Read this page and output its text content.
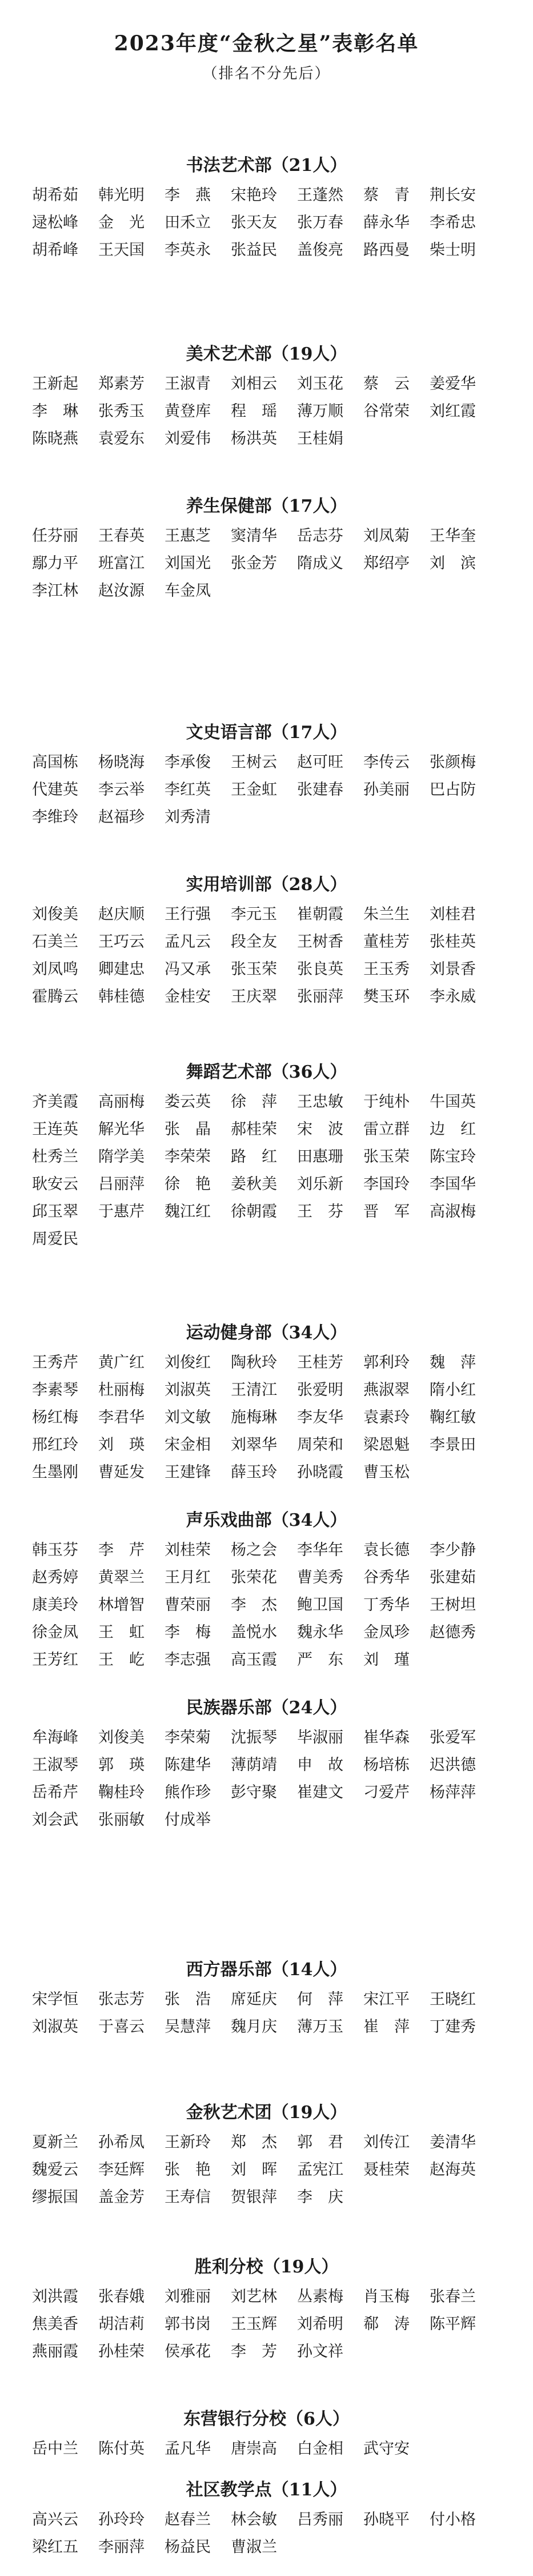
2023年度“金秋之星”表彰名单
（排名不分先后）
书法艺术部（21人）
胡希茹 韩光明 李　燕 宋艳玲 王蓬然 蔡　青 荆长安
逯松峰 金　光 田禾立 张天友 张万春 薛永华 李希忠
胡希峰 王天国 李英永 张益民 盖俊亮 路西曼 柴士明
美术艺术部（19人）
王新起 郑素芳 王淑青 刘相云 刘玉花 蔡　云 姜爱华
李　琳 张秀玉 黄登库 程　瑶 薄万顺 谷常荣 刘红霞
陈晓燕 袁爱东 刘爱伟 杨洪英 王桂娟
养生保健部（17人）
任芬丽 王春英 王惠芝 窦清华 岳志芬 刘凤菊 王华奎
鄢力平 班富江 刘国光 张金芳 隋成义 郑绍亭 刘　滨
李江林 赵汝源 车金凤
文史语言部（17人）
高国栋 杨晓海 李承俊 王树云 赵可旺 李传云 张颜梅
代建英 李云举 李红英 王金虹 张建春 孙美丽 巴占防
李维玲 赵福珍 刘秀清
实用培训部（28人）
刘俊美 赵庆顺 王行强 李元玉 崔朝霞 朱兰生 刘桂君
石美兰 王巧云 孟凡云 段全友 王树香 董桂芳 张桂英
刘凤鸣 卿建忠 冯又承 张玉荣 张良英 王玉秀 刘景香
霍腾云 韩桂德 金桂安 王庆翠 张丽萍 樊玉环 李永威
舞蹈艺术部（36人）
齐美霞 高丽梅 娄云英 徐　萍 王忠敏 于纯朴 牛国英
王连英 解光华 张　晶 郝桂荣 宋　波 雷立群 边　红
杜秀兰 隋学美 李荣荣 路　红 田惠珊 张玉荣 陈宝玲
耿安云 吕丽萍 徐　艳 姜秋美 刘乐新 李国玲 李国华
邱玉翠 于惠芹 魏江红 徐朝霞 王　芬 晋　军 高淑梅
周爱民
运动健身部（34人）
王秀芹 黄广红 刘俊红 陶秋玲 王桂芳 郭利玲 魏　萍
李素琴 杜丽梅 刘淑英 王清江 张爱明 燕淑翠 隋小红
杨红梅 李君华 刘文敏 施梅琳 李友华 袁素玲 鞠红敏
邢红玲 刘　瑛 宋金相 刘翠华 周荣和 梁恩魁 李景田
生墨刚 曹延发 王建锋 薛玉玲 孙晓霞 曹玉松
声乐戏曲部（34人）
韩玉芬 李　芹 刘桂荣 杨之会 李华年 袁长德 李少静
赵秀婷 黄翠兰 王月红 张荣花 曹美秀 谷秀华 张建茹
康美玲 林增智 曹荣丽 李　杰 鲍卫国 丁秀华 王树坦
徐金凤 王　虹 李　梅 盖悦水 魏永华 金凤珍 赵德秀
王芳红 王　屹 李志强 高玉霞 严　东 刘　瑾
民族器乐部（24人）
牟海峰 刘俊美 李荣菊 沈振琴 毕淑丽 崔华森 张爱军
王淑琴 郭　瑛 陈建华 薄荫靖 申　故 杨培栋 迟洪德
岳希芹 鞠桂玲 熊作珍 彭守聚 崔建文 刁爱芹 杨萍萍
刘会武 张丽敏 付成举
西方器乐部（14人）
宋学恒 张志芳 张　浩 席延庆 何　萍 宋江平 王晓红
刘淑英 于喜云 吴慧萍 魏月庆 薄万玉 崔　萍 丁建秀
金秋艺术团（19人）
夏新兰 孙希凤 王新玲 郑　杰 郭　君 刘传江 姜清华
魏爱云 李廷辉 张　艳 刘　晖 孟宪江 聂桂荣 赵海英
缪振国 盖金芳 王寿信 贺银萍 李　庆
胜利分校（19人）
刘洪霞 张春娥 刘雅丽 刘艺林 丛素梅 肖玉梅 张春兰
焦美香 胡洁莉 郭书岗 王玉辉 刘希明 郗　涛 陈平辉
燕丽霞 孙桂荣 侯承花 李　芳 孙文祥
东营银行分校（6人）
岳中兰 陈付英 孟凡华 唐崇高 白金相 武守安
社区教学点（11人）
高兴云 孙玲玲 赵春兰 林会敏 吕秀丽 孙晓平 付小格
梁红五 李丽萍 杨益民 曹淑兰
